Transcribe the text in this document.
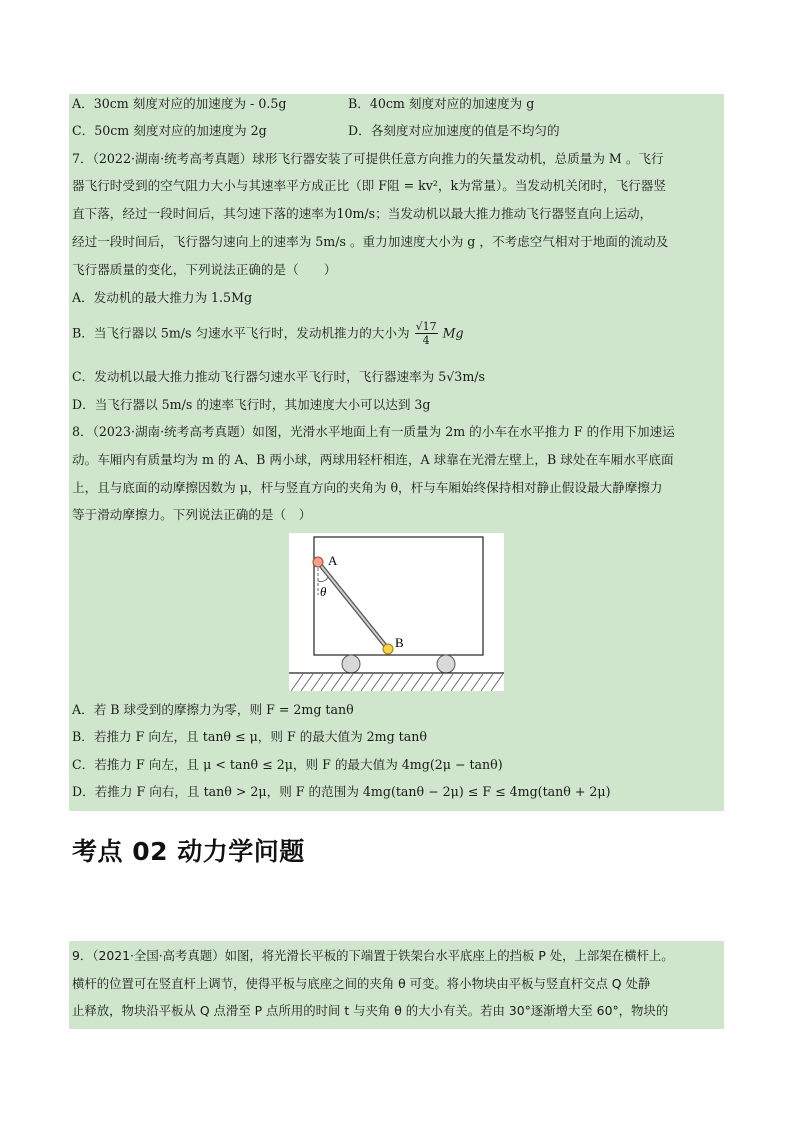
A．30cm 刻度对应的加速度为 - 0.5g	B．40cm 刻度对应的加速度为 g
C．50cm 刻度对应的加速度为 2g	D．各刻度对应加速度的值是不均匀的
7．（2022·湖南·统考高考真题）球形飞行器安装了可提供任意方向推力的矢量发动机，总质量为 M 。飞行
器飞行时受到的空气阻力大小与其速率平方成正比（即 F阻 = kv²，k为常量）。当发动机关闭时，飞行器竖
直下落，经过一段时间后，其匀速下落的速率为10m/s；当发动机以最大推力推动飞行器竖直向上运动，
经过一段时间后，飞行器匀速向上的速率为 5m/s 。重力加速度大小为 g ，不考虑空气相对于地面的流动及
飞行器质量的变化，下列说法正确的是（　　）
A．发动机的最大推力为 1.5Mg
B．当飞行器以 5m/s 匀速水平飞行时，发动机推力的大小为 $\frac{√17}{4}$ Mg
C．发动机以最大推力推动飞行器匀速水平飞行时，飞行器速率为 5√3m/s
D．当飞行器以 5m/s 的速率飞行时，其加速度大小可以达到 3g
8．（2023·湖南·统考高考真题）如图，光滑水平地面上有一质量为 2m 的小车在水平推力 F 的作用下加速运
动。车厢内有质量均为 m 的 A、B 两小球，两球用轻杆相连，A 球靠在光滑左壁上，B 球处在车厢水平底面
上，且与底面的动摩擦因数为 μ，杆与竖直方向的夹角为 θ，杆与车厢始终保持相对静止假设最大静摩擦力
等于滑动摩擦力。下列说法正确的是（　）
A
B
θ
A．若 B 球受到的摩擦力为零，则 F = 2mg tanθ
B．若推力 F 向左，且 tanθ ≤ μ，则 F 的最大值为 2mg tanθ
C．若推力 F 向左，且 μ < tanθ ≤ 2μ，则 F 的最大值为 4mg(2μ − tanθ)
D．若推力 F 向右，且 tanθ > 2μ，则 F 的范围为 4mg(tanθ − 2μ) ≤ F ≤ 4mg(tanθ + 2μ)
考点 02 动力学问题
9．（2021·全国·高考真题）如图，将光滑长平板的下端置于铁架台水平底座上的挡板 P 处，上部架在横杆上。
横杆的位置可在竖直杆上调节，使得平板与底座之间的夹角 θ 可变。将小物块由平板与竖直杆交点 Q 处静
止释放，物块沿平板从 Q 点滑至 P 点所用的时间 t 与夹角 θ 的大小有关。若由 30°逐渐增大至 60°，物块的
